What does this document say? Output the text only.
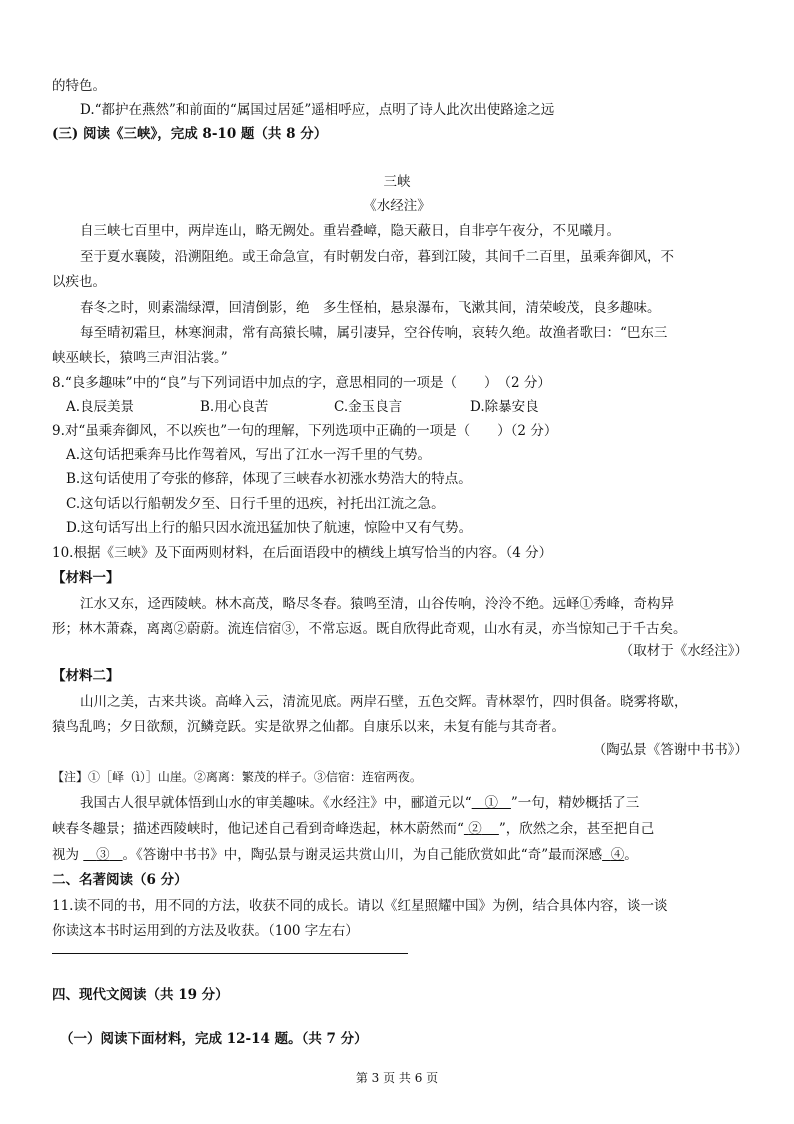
的特色。
D.“都护在燕然”和前面的“属国过居延”遥相呼应，点明了诗人此次出使路途之远
(三) 阅读《三峡》，完成 8-10 题（共 8 分）
三峡
《水经注》
自三峡七百里中，两岸连山，略无阙处。重岩叠嶂，隐天蔽日，自非亭午夜分，不见曦月。
至于夏水襄陵，沿溯阻绝。或王命急宣，有时朝发白帝，暮到江陵，其间千二百里，虽乘奔御风，不
以疾也。
春冬之时，则素湍绿潭，回清倒影，绝　多生怪柏，悬泉瀑布，飞漱其间，清荣峻茂，良多趣味。
每至晴初霜旦，林寒涧肃，常有高猿长啸，属引凄异，空谷传响，哀转久绝。故渔者歌曰：“巴东三
峡巫峡长，猿鸣三声泪沾裳。”
8.“良多趣味”中的“良”与下列词语中加点的字，意思相同的一项是（　　）　（2 分）
A.良辰美景	B.用心良苦	C.金玉良言	D.除暴安良
9.对“虽乘奔御风，不以疾也”一句的理解，下列选项中正确的一项是（　　）（2 分）
A.这句话把乘奔马比作驾着风，写出了江水一泻千里的气势。
B.这句话使用了夸张的修辞，体现了三峡春水初涨水势浩大的特点。
C.这句话以行船朝发夕至、日行千里的迅疾，衬托出江流之急。
D.这句话写出上行的船只因水流迅猛加快了航速，惊险中又有气势。
10.根据《三峡》及下面两则材料，在后面语段中的横线上填写恰当的内容。（4 分）
【材料一】
江水又东，迳西陵峡。林木高茂，略尽冬春。猿鸣至清，山谷传响，泠泠不绝。远峄①秀峰，奇构异
形；林木萧森，离离②蔚蔚。流连信宿③，不常忘返。既自欣得此奇观，山水有灵，亦当惊知己于千古矣。
（取材于《水经注》）
【材料二】
山川之美，古来共谈。高峰入云，清流见底。两岸石壁，五色交辉。青林翠竹，四时俱备。晓雾将歇，
猿鸟乱鸣；夕日欲颓，沉鳞竞跃。实是欲界之仙都。自康乐以来，未复有能与其奇者。
（陶弘景《答谢中书书》）
【注】①［峄（ì）］山崖。②离离：繁茂的样子。③信宿：连宿两夜。
我国古人很早就体悟到山水的审美趣味。《水经注》中，郦道元以“ ① ”一句，精妙概括了三
峡春冬趣景；描述西陵峡时，他记述自己看到奇峰迭起，林木蔚然而“ ② ”，欣然之余，甚至把自己
视为 ③ 。《答谢中书书》中，陶弘景与谢灵运共赏山川，为自己能欣赏如此“奇”最而深感 ④。
二、名著阅读（6 分）
11.读不同的书，用不同的方法，收获不同的成长。请以《红星照耀中国》为例，结合具体内容，谈一谈
你读这本书时运用到的方法及收获。（100 字左右）
四、现代文阅读（共 19 分）
（一）阅读下面材料，完成 12-14 题。（共 7 分）
第 3 页 共 6 页
